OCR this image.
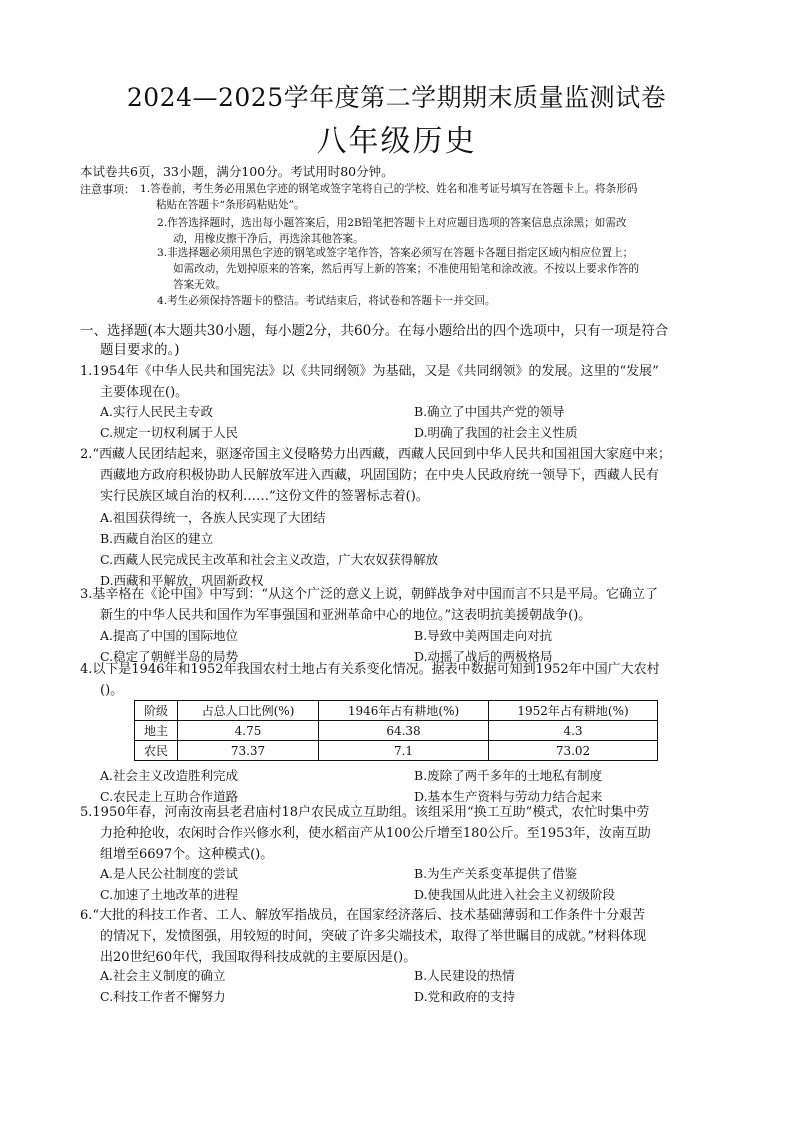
2024—2025学年度第二学期期末质量监测试卷
八年级历史
本试卷共6页，33小题，满分100分。考试用时80分钟。
注意事项： 1.答卷前，考生务必用黑色字迹的钢笔或签字笔将自己的学校、姓名和准考证号填写在答题卡上。将条形码
粘贴在答题卡“条形码粘贴处”。
2.作答选择题时，选出每小题答案后，用2B铅笔把答题卡上对应题目选项的答案信息点涂黑；如需改
动，用橡皮擦干净后，再选涂其他答案。
3.非选择题必须用黑色字迹的钢笔或签字笔作答，答案必须写在答题卡各题目指定区域内相应位置上；
如需改动，先划掉原来的答案，然后再写上新的答案；不准使用铅笔和涂改液。不按以上要求作答的
答案无效。
4.考生必须保持答题卡的整洁。考试结束后，将试卷和答题卡一并交回。
一、选择题(本大题共30小题，每小题2分，共60分。在每小题给出的四个选项中，只有一项是符合
题目要求的。)
1.1954年《中华人民共和国宪法》以《共同纲领》为基础，又是《共同纲领》的发展。这里的“发展”
主要体现在()。
A.实行人民民主专政	B.确立了中国共产党的领导
C.规定一切权利属于人民	D.明确了我国的社会主义性质
2.“西藏人民团结起来，驱逐帝国主义侵略势力出西藏，西藏人民回到中华人民共和国祖国大家庭中来；
西藏地方政府积极协助人民解放军进入西藏，巩固国防；在中央人民政府统一领导下，西藏人民有
实行民族区域自治的权利……”这份文件的签署标志着()。
A.祖国获得统一，各族人民实现了大团结
B.西藏自治区的建立
C.西藏人民完成民主改革和社会主义改造，广大农奴获得解放
D.西藏和平解放，巩固新政权
3.基辛格在《论中国》中写到：“从这个广泛的意义上说，朝鲜战争对中国而言不只是平局。它确立了
新生的中华人民共和国作为军事强国和亚洲革命中心的地位。”这表明抗美援朝战争()。
A.提高了中国的国际地位	B.导致中美两国走向对抗
C.稳定了朝鲜半岛的局势	D.动摇了战后的两极格局
4.以下是1946年和1952年我国农村土地占有关系变化情况。据表中数据可知到1952年中国广大农村
()。
阶级	占总人口比例(%)	1946年占有耕地(%)	1952年占有耕地(%)
地主	4.75	64.38	4.3
农民	73.37	7.1	73.02
A.社会主义改造胜利完成	B.废除了两千多年的土地私有制度
C.农民走上互助合作道路	D.基本生产资料与劳动力结合起来
5.1950年春，河南汝南县老君庙村18户农民成立互助组。该组采用“换工互助”模式，农忙时集中劳
力抢种抢收，农闲时合作兴修水利，使水稻亩产从100公斤增至180公斤。至1953年，汝南互助
组增至6697个。这种模式()。
A.是人民公社制度的尝试	B.为生产关系变革提供了借鉴
C.加速了土地改革的进程	D.使我国从此进入社会主义初级阶段
6.“大批的科技工作者、工人、解放军指战员，在国家经济落后、技术基础薄弱和工作条件十分艰苦
的情况下，发愤图强，用较短的时间，突破了许多尖端技术，取得了举世瞩目的成就。”材料体现
出20世纪60年代，我国取得科技成就的主要原因是()。
A.社会主义制度的确立	B.人民建设的热情
C.科技工作者不懈努力	D.党和政府的支持
